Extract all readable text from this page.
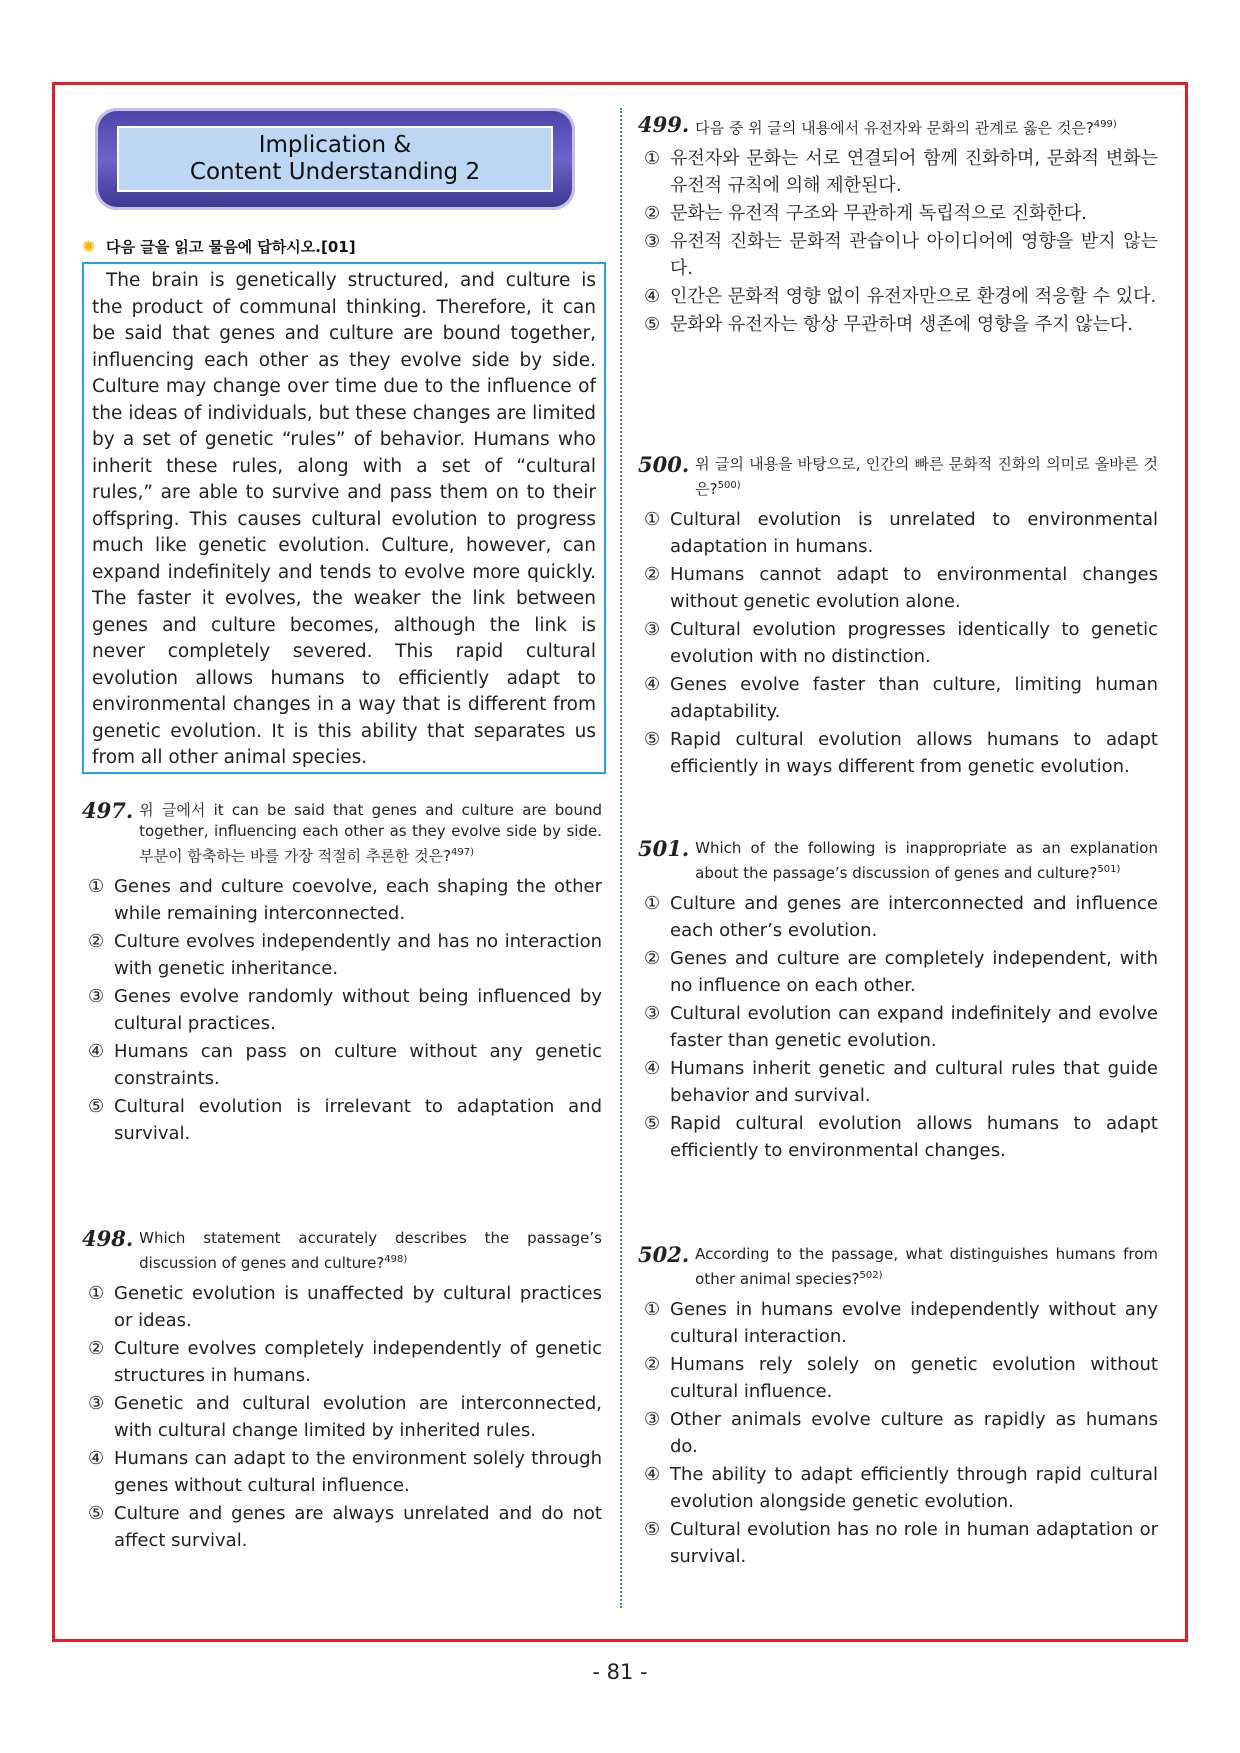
Implication &
Content Understanding 2
✺ 다음 글을 읽고 물음에 답하시오.[01]

The brain is genetically structured, and culture is the product of communal thinking. Therefore, it can be said that genes and culture are bound together, influencing each other as they evolve side by side. Culture may change over time due to the influence of the ideas of individuals, but these changes are limited by a set of genetic “rules” of behavior. Humans who inherit these rules, along with a set of “cultural rules,” are able to survive and pass them on to their offspring. This causes cultural evolution to progress much like genetic evolution. Culture, however, can expand indefinitely and tends to evolve more quickly. The faster it evolves, the weaker the link between genes and culture becomes, although the link is never completely severed. This rapid cultural evolution allows humans to efficiently adapt to environmental changes in a way that is different from genetic evolution. It is this ability that separates us from all other animal species.

497. 위 글에서 it can be said that genes and culture are bound together, influencing each other as they evolve side by side. 부분이 함축하는 바를 가장 적절히 추론한 것은?$^{497)}$
① Genes and culture coevolve, each shaping the other while remaining interconnected.
② Culture evolves independently and has no interaction with genetic inheritance.
③ Genes evolve randomly without being influenced by cultural practices.
④ Humans can pass on culture without any genetic constraints.
⑤ Cultural evolution is irrelevant to adaptation and survival.
498. Which statement accurately describes the passage’s discussion of genes and culture?$^{498)}$
① Genetic evolution is unaffected by cultural practices or ideas.
② Culture evolves completely independently of genetic structures in humans.
③ Genetic and cultural evolution are interconnected, with cultural change limited by inherited rules.
④ Humans can adapt to the environment solely through genes without cultural influence.
⑤ Culture and genes are always unrelated and do not affect survival.
499. 다음 중 위 글의 내용에서 유전자와 문화의 관계로 옳은 것은?$^{499)}$
① 유전자와 문화는 서로 연결되어 함께 진화하며, 문화적 변화는 유전적 규칙에 의해 제한된다.
② 문화는 유전적 구조와 무관하게 독립적으로 진화한다.
③ 유전적 진화는 문화적 관습이나 아이디어에 영향을 받지 않는다.
④ 인간은 문화적 영향 없이 유전자만으로 환경에 적응할 수 있다.
⑤ 문화와 유전자는 항상 무관하며 생존에 영향을 주지 않는다.
500. 위 글의 내용을 바탕으로, 인간의 빠른 문화적 진화의 의미로 올바른 것은?$^{500)}$
① Cultural evolution is unrelated to environmental adaptation in humans.
② Humans cannot adapt to environmental changes without genetic evolution alone.
③ Cultural evolution progresses identically to genetic evolution with no distinction.
④ Genes evolve faster than culture, limiting human adaptability.
⑤ Rapid cultural evolution allows humans to adapt efficiently in ways different from genetic evolution.
501. Which of the following is inappropriate as an explanation about the passage’s discussion of genes and culture?$^{501)}$
① Culture and genes are interconnected and influence each other’s evolution.
② Genes and culture are completely independent, with no influence on each other.
③ Cultural evolution can expand indefinitely and evolve faster than genetic evolution.
④ Humans inherit genetic and cultural rules that guide behavior and survival.
⑤ Rapid cultural evolution allows humans to adapt efficiently to environmental changes.
502. According to the passage, what distinguishes humans from other animal species?$^{502)}$
① Genes in humans evolve independently without any cultural interaction.
② Humans rely solely on genetic evolution without cultural influence.
③ Other animals evolve culture as rapidly as humans do.
④ The ability to adapt efficiently through rapid cultural evolution alongside genetic evolution.
⑤ Cultural evolution has no role in human adaptation or survival.
- 81 -
